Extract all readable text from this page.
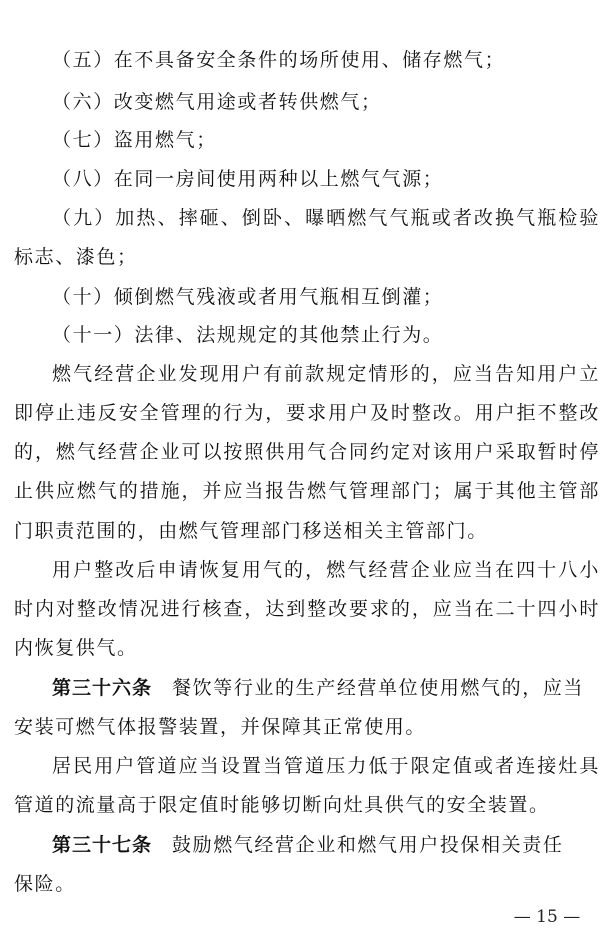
（五）在不具备安全条件的场所使用、储存燃气；
（六）改变燃气用途或者转供燃气；
（七）盗用燃气；
（八）在同一房间使用两种以上燃气气源；
（九）加热、摔砸、倒卧、曝晒燃气气瓶或者改换气瓶检验
标志、漆色；
（十）倾倒燃气残液或者用气瓶相互倒灌；
（十一）法律、法规规定的其他禁止行为。
燃气经营企业发现用户有前款规定情形的，应当告知用户立
即停止违反安全管理的行为，要求用户及时整改。用户拒不整改
的，燃气经营企业可以按照供用气合同约定对该用户采取暂时停
止供应燃气的措施，并应当报告燃气管理部门；属于其他主管部
门职责范围的，由燃气管理部门移送相关主管部门。
用户整改后申请恢复用气的，燃气经营企业应当在四十八小
时内对整改情况进行核查，达到整改要求的，应当在二十四小时
内恢复供气。
第三十六条 餐饮等行业的生产经营单位使用燃气的，应当
安装可燃气体报警装置，并保障其正常使用。
居民用户管道应当设置当管道压力低于限定值或者连接灶具
管道的流量高于限定值时能够切断向灶具供气的安全装置。
第三十七条 鼓励燃气经营企业和燃气用户投保相关责任
保险。
— 15 —
